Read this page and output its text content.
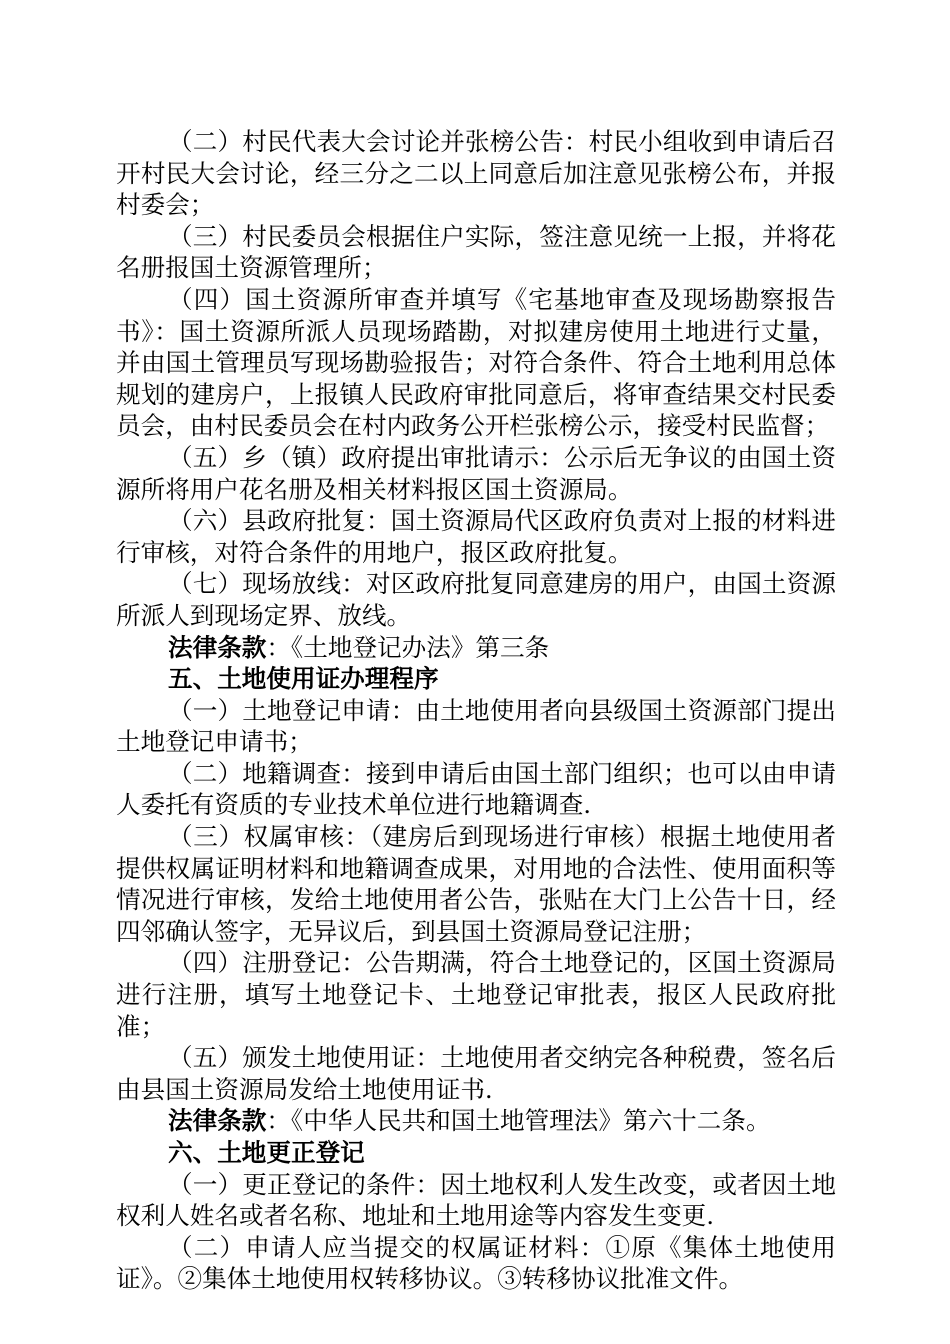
（二）村民代表大会讨论并张榜公告：村民小组收到申请后召开村民大会讨论，经三分之二以上同意后加注意见张榜公布，并报村委会；

（三）村民委员会根据住户实际，签注意见统一上报，并将花名册报国土资源管理所；

（四）国土资源所审查并填写《宅基地审查及现场勘察报告书》：国土资源所派人员现场踏勘，对拟建房使用土地进行丈量，并由国土管理员写现场勘验报告；对符合条件、符合土地利用总体规划的建房户，上报镇人民政府审批同意后，将审查结果交村民委员会，由村民委员会在村内政务公开栏张榜公示，接受村民监督；

（五）乡（镇）政府提出审批请示：公示后无争议的由国土资源所将用户花名册及相关材料报区国土资源局。

（六）县政府批复：国土资源局代区政府负责对上报的材料进行审核，对符合条件的用地户，报区政府批复。

（七）现场放线：对区政府批复同意建房的用户，由国土资源所派人到现场定界、放线。

法律条款：《土地登记办法》第三条

五、土地使用证办理程序

（一）土地登记申请：由土地使用者向县级国土资源部门提出土地登记申请书；

（二）地籍调查：接到申请后由国土部门组织；也可以由申请人委托有资质的专业技术单位进行地籍调查.

（三）权属审核：（建房后到现场进行审核）根据土地使用者提供权属证明材料和地籍调查成果，对用地的合法性、使用面积等情况进行审核，发给土地使用者公告，张贴在大门上公告十日，经四邻确认签字，无异议后，到县国土资源局登记注册；

（四）注册登记：公告期满，符合土地登记的，区国土资源局进行注册，填写土地登记卡、土地登记审批表，报区人民政府批准；

（五）颁发土地使用证：土地使用者交纳完各种税费，签名后由县国土资源局发给土地使用证书.

法律条款：《中华人民共和国土地管理法》第六十二条。

六、土地更正登记

（一）更正登记的条件：因土地权利人发生改变，或者因土地权利人姓名或者名称、地址和土地用途等内容发生变更.

（二）申请人应当提交的权属证材料：①原《集体土地使用证》。②集体土地使用权转移协议。③转移协议批准文件。
